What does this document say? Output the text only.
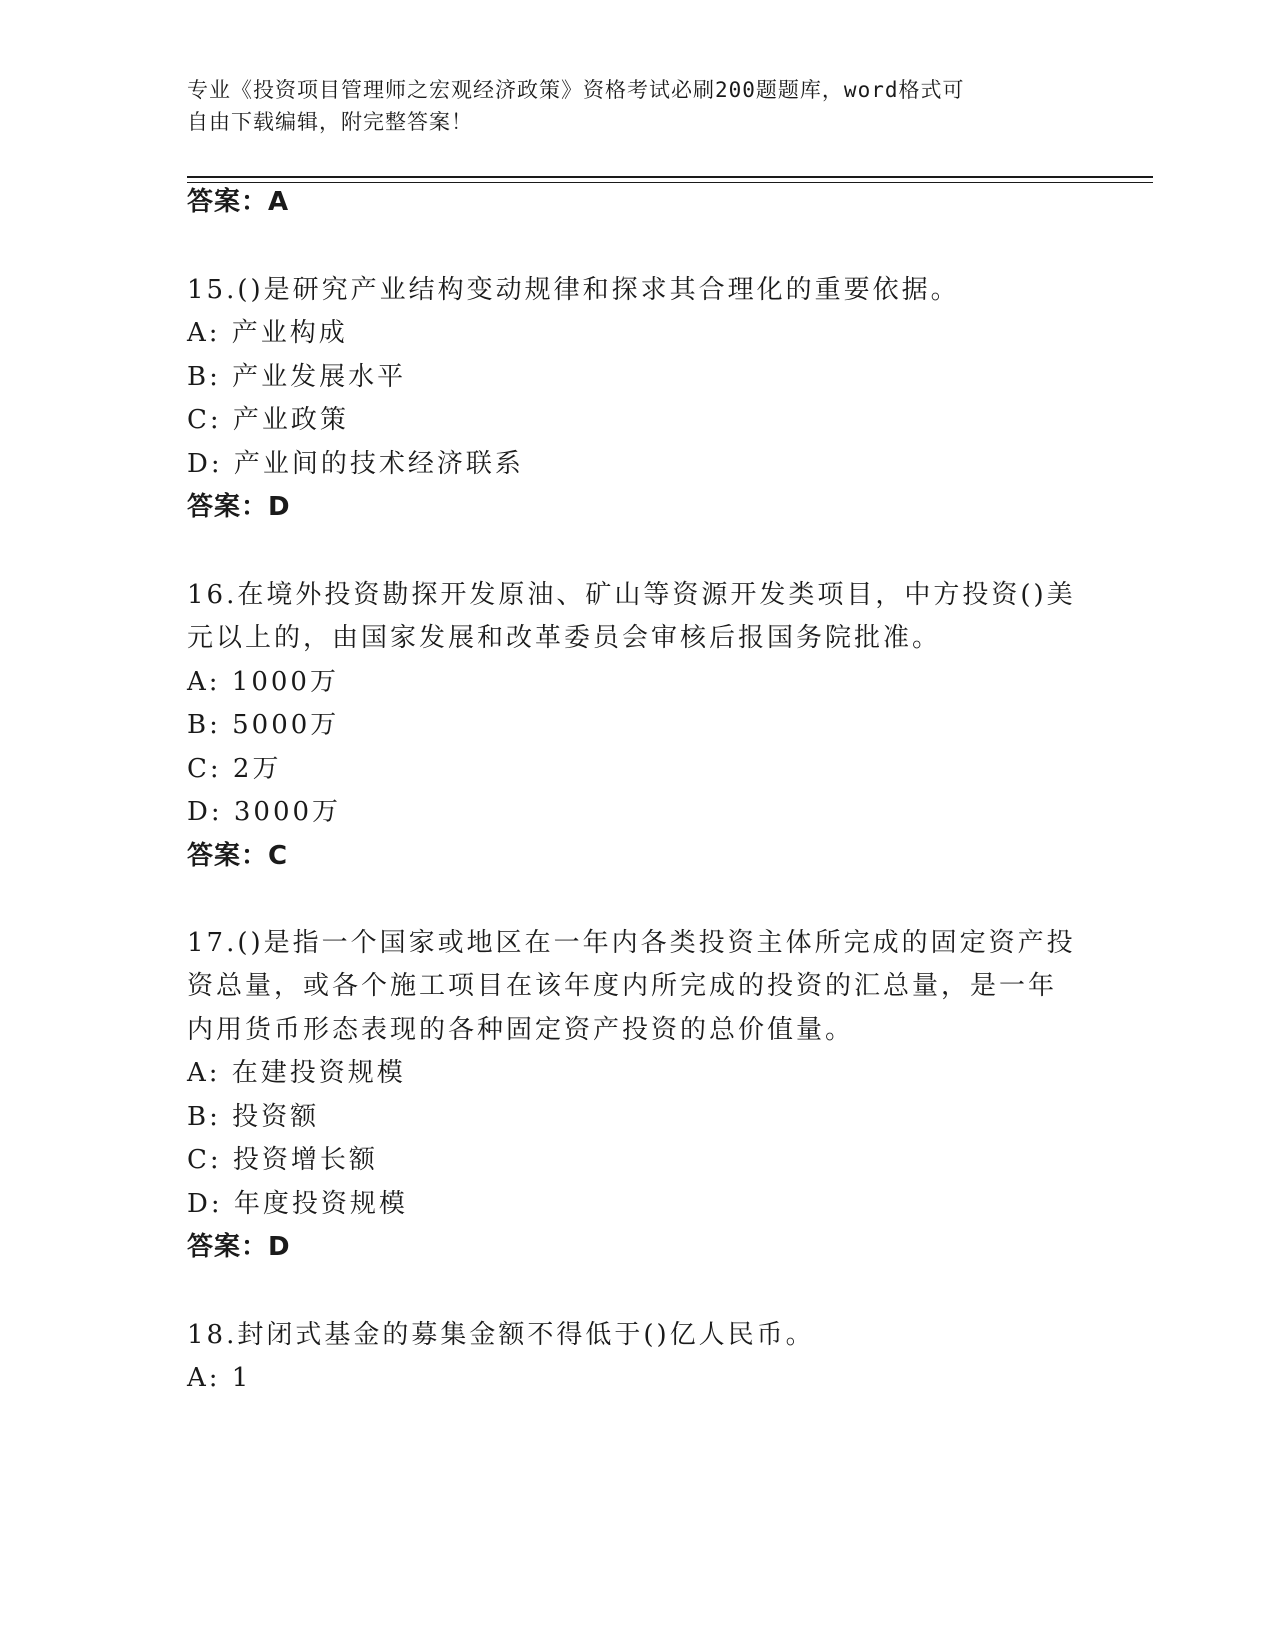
专业《投资项目管理师之宏观经济政策》资格考试必刷200题题库，word格式可
自由下载编辑，附完整答案！
答案：A
15.()是研究产业结构变动规律和探求其合理化的重要依据。
A: 产业构成
B: 产业发展水平
C: 产业政策
D: 产业间的技术经济联系
答案：D
16.在境外投资勘探开发原油、矿山等资源开发类项目，中方投资()美
元以上的，由国家发展和改革委员会审核后报国务院批准。
A: 1000万
B: 5000万
C: 2万
D: 3000万
答案：C
17.()是指一个国家或地区在一年内各类投资主体所完成的固定资产投
资总量，或各个施工项目在该年度内所完成的投资的汇总量，是一年
内用货币形态表现的各种固定资产投资的总价值量。
A: 在建投资规模
B: 投资额
C: 投资增长额
D: 年度投资规模
答案：D
18.封闭式基金的募集金额不得低于()亿人民币。
A: 1
